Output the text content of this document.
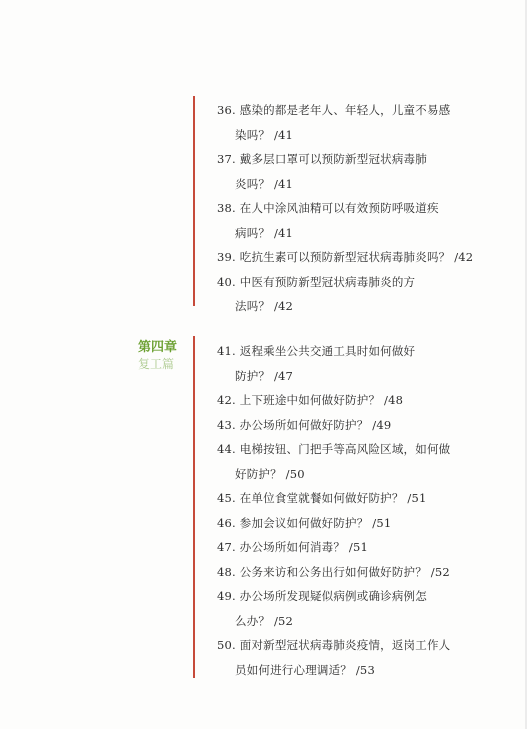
第四章
复工篇
36. 感染的都是老年人、年轻人，儿童不易感
染吗？ /41
37. 戴多层口罩可以预防新型冠状病毒肺
炎吗？ /41
38. 在人中涂风油精可以有效预防呼吸道疾
病吗？ /41
39. 吃抗生素可以预防新型冠状病毒肺炎吗？ /42
40. 中医有预防新型冠状病毒肺炎的方
法吗？ /42
41. 返程乘坐公共交通工具时如何做好
防护？ /47
42. 上下班途中如何做好防护？ /48
43. 办公场所如何做好防护？ /49
44. 电梯按钮、门把手等高风险区域，如何做
好防护？ /50
45. 在单位食堂就餐如何做好防护？ /51
46. 参加会议如何做好防护？ /51
47. 办公场所如何消毒？ /51
48. 公务来访和公务出行如何做好防护？ /52
49. 办公场所发现疑似病例或确诊病例怎
么办？ /52
50. 面对新型冠状病毒肺炎疫情，返岗工作人
员如何进行心理调适？ /53
